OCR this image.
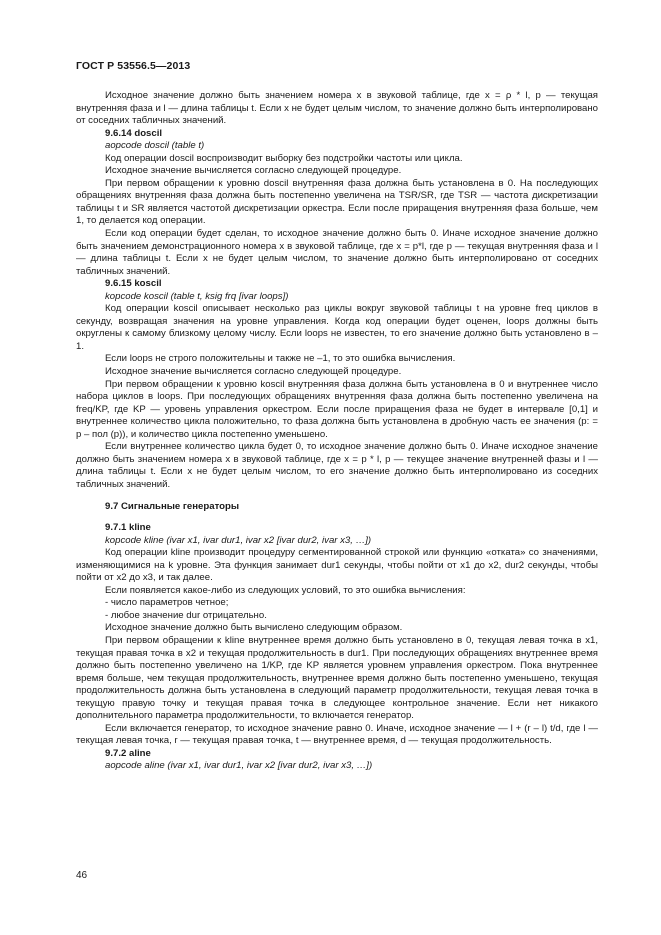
ГОСТ Р 53556.5—2013

Исходное значение должно быть значением номера x в звуковой таблице, где x = ρ * l, p — текущая внутренняя фаза и l — длина таблицы t. Если x не будет целым числом, то значение должно быть интерполировано от соседних табличных значений.

9.6.14 doscil

aopcode doscil (table t)

Код операции doscil воспроизводит выборку без подстройки частоты или цикла.

Исходное значение вычисляется согласно следующей процедуре.

При первом обращении к уровню doscil внутренняя фаза должна быть установлена в 0. На последующих обращениях внутренняя фаза должна быть постепенно увеличена на TSR/SR, где TSR — частота дискретизации таблицы t и SR является частотой дискретизации оркестра. Если после приращения внутренняя фаза больше, чем 1, то делается код операции.

Если код операции будет сделан, то исходное значение должно быть 0. Иначе исходное значение должно быть значением демонстрационного номера x в звуковой таблице, где x = p*l, где p — текущая внутренняя фаза и l — длина таблицы t. Если x не будет целым числом, то значение должно быть интерполировано от соседних табличных значений.

9.6.15 koscil

kopcode koscil (table t, ksig frq [ivar loops])

Код операции koscil описывает несколько раз циклы вокруг звуковой таблицы t на уровне freq циклов в секунду, возвращая значения на уровне управления. Когда код операции будет оценен, loops должны быть округлены к самому близкому целому числу. Если loops не известен, то его значение должно быть установлено в –1.

Если loops не строго положительны и также не –1, то это ошибка вычисления.

Исходное значение вычисляется согласно следующей процедуре.

При первом обращении к уровню koscil внутренняя фаза должна быть установлена в 0 и внутреннее число набора циклов в loops. При последующих обращениях внутренняя фаза должна быть постепенно увеличена на freq/KP, где KP — уровень управления оркестром. Если после приращения фаза не будет в интервале [0,1] и внутреннее количество цикла положительно, то фаза должна быть установлена в дробную часть ее значения (p: = p – пол (p)), и количество цикла постепенно уменьшено.

Если внутреннее количество цикла будет 0, то исходное значение должно быть 0. Иначе исходное значение должно быть значением номера x в звуковой таблице, где x = p * l, p — текущее значение внутренней фазы и l — длина таблицы t. Если x не будет целым числом, то его значение должно быть интерполировано из соседних табличных значений.

9.7 Сигнальные генераторы

9.7.1 kline

kopcode kline (ivar x1, ivar dur1, ivar x2 [ivar dur2, ivar x3, …])

Код операции kline производит процедуру сегментированной строкой или функцию «отката» со значениями, изменяющимися на k уровне. Эта функция занимает dur1 секунды, чтобы пойти от x1 до x2, dur2 секунды, чтобы пойти от x2 до x3, и так далее.

Если появляется какое-либо из следующих условий, то это ошибка вычисления:

- число параметров четное;

- любое значение dur отрицательно.

Исходное значение должно быть вычислено следующим образом.

При первом обращении к kline внутреннее время должно быть установлено в 0, текущая левая точка в x1, текущая правая точка в x2 и текущая продолжительность в dur1. При последующих обращениях внутреннее время должно быть постепенно увеличено на 1/KP, где KP является уровнем управления оркестром. Пока внутреннее время больше, чем текущая продолжительность, внутреннее время должно быть постепенно уменьшено, текущая продолжительность должна быть установлена в следующий параметр продолжительности, текущая левая точка в текущую правую точку и текущая правая точка в следующее контрольное значение. Если нет никакого дополнительного параметра продолжительности, то включается генератор.

Если включается генератор, то исходное значение равно 0. Иначе, исходное значение — l + (r – l) t/d, где l — текущая левая точка, r — текущая правая точка, t — внутреннее время, d — текущая продолжительность.

9.7.2 aline

aopcode aline (ivar x1, ivar dur1, ivar x2 [ivar dur2, ivar x3, …])

46
